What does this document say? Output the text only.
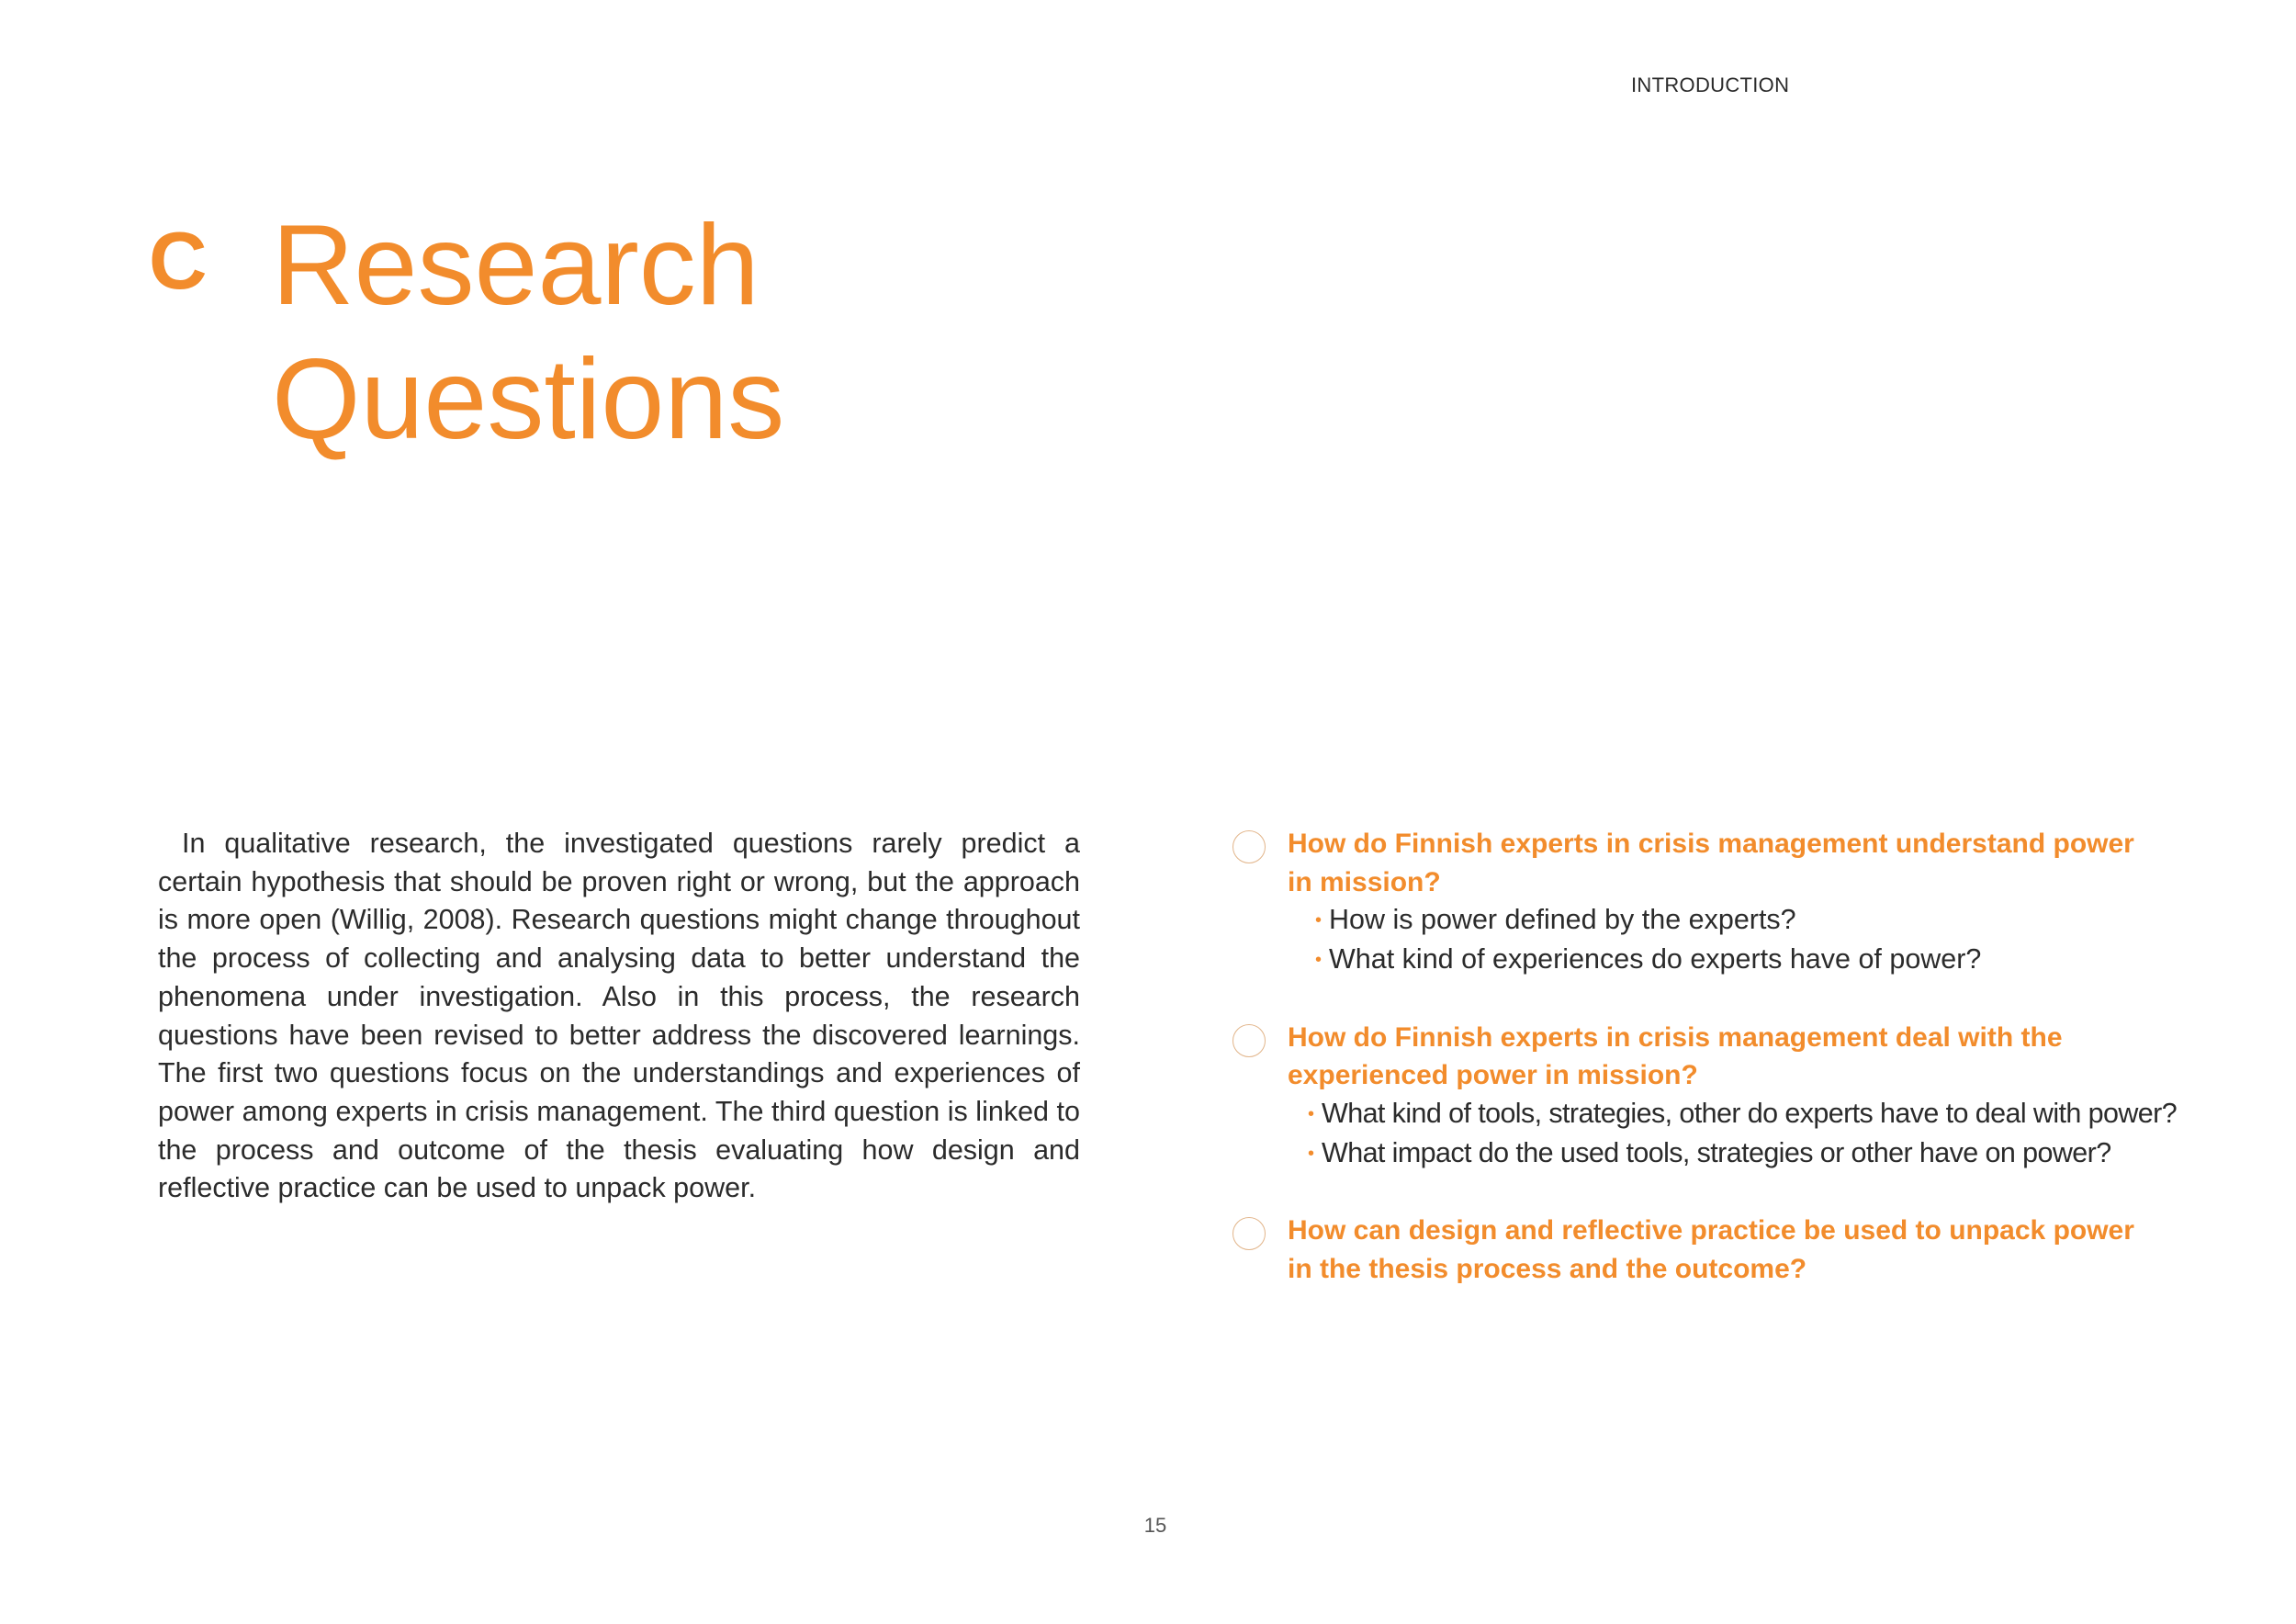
INTRODUCTION
C Research
Questions

In qualitative research, the investigated questions rarely predict a certain hypothesis that should be proven right or wrong, but the approach is more open (Willig, 2008). Research questions might change throughout the process of collecting and analysing data to better understand the phenomena under investigation. Also in this process, the research questions have been revised to better address the discovered learnings. The first two questions focus on the understandings and experiences of power among experts in crisis management. The third question is linked to the process and outcome of the thesis evaluating how design and reflective practice can be used to unpack power.

How do Finnish experts in crisis management understand power in mission?
• How is power defined by the experts?
• What kind of experiences do experts have of power?
How do Finnish experts in crisis management deal with the experienced power in mission?
• What kind of tools, strategies, other do experts have to deal with power?
• What impact do the used tools, strategies or other have on power?
How can design and reflective practice be used to unpack power in the thesis process and the outcome?
15
